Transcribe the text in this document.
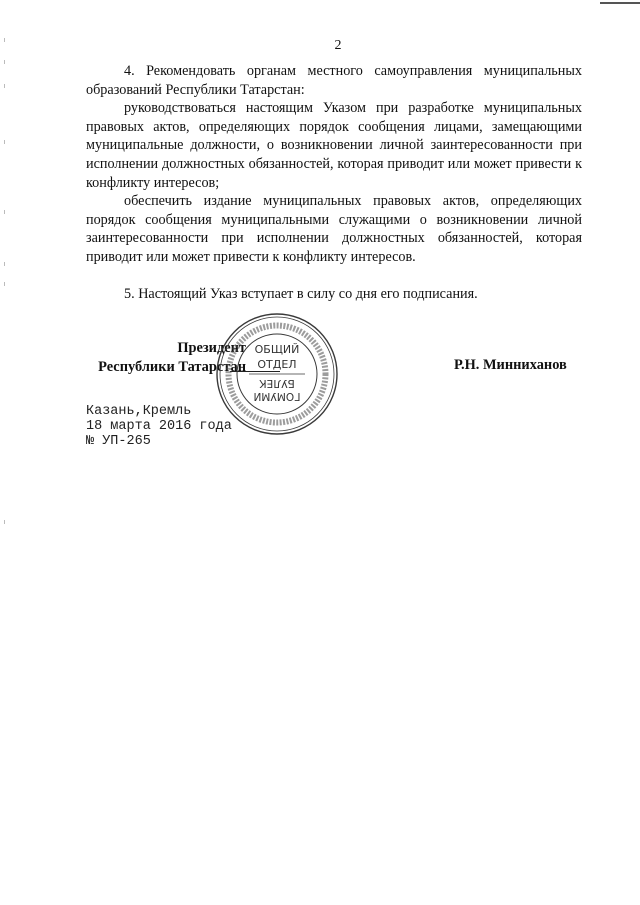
2

4. Рекомендовать органам местного самоуправления муниципальных образований Республики Татарстан:

руководствоваться настоящим Указом при разработке муниципальных правовых актов, определяющих порядок сообщения лицами, замещающими муниципальные должности, о возникновении личной заинтересованности при исполнении должностных обязанностей, которая приводит или может привести к конфликту интересов;

обеспечить издание муниципальных правовых актов, определяющих порядок сообщения муниципальными служащими о возникновении личной заинтересованности при исполнении должностных обязанностей, которая приводит или может привести к конфликту интересов.

5. Настоящий Указ вступает в силу со дня его подписания.

Президент
Республики Татарстан
ОБЩИЙ
ОТДЕЛ
БУЛЕК
ГОМУМИ
Р.Н. Минниханов
Казань,Кремль
18 марта 2016 года
№ УП-265
